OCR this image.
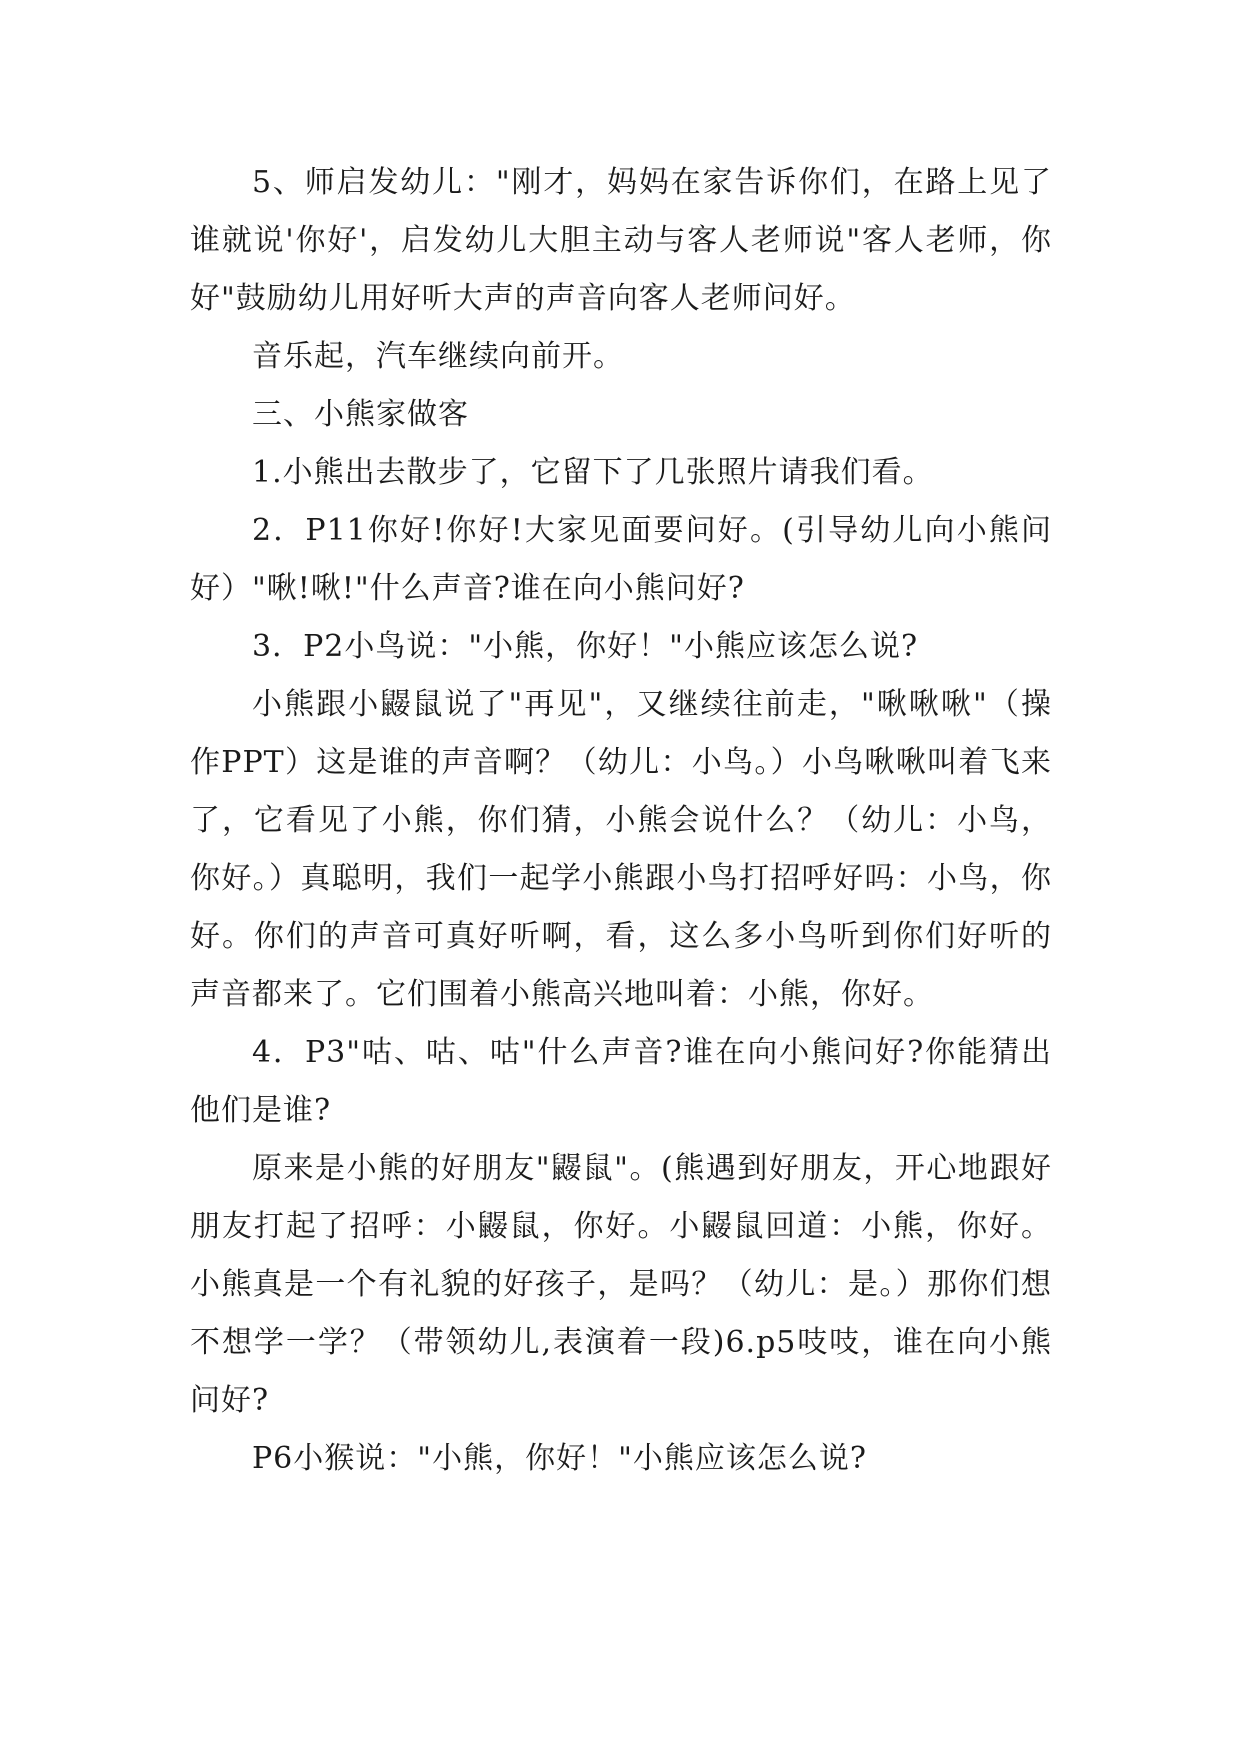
5、师启发幼儿："刚才，妈妈在家告诉你们，在路上见了谁就说'你好'，启发幼儿大胆主动与客人老师说"客人老师，你好"鼓励幼儿用好听大声的声音向客人老师问好。

音乐起，汽车继续向前开。

三、小熊家做客

1.小熊出去散步了，它留下了几张照片请我们看。

2．P11你好!你好!大家见面要问好。(引导幼儿向小熊问好）"啾!啾!"什么声音?谁在向小熊问好?

3．P2小鸟说："小熊，你好！"小熊应该怎么说?

小熊跟小鼹鼠说了"再见"，又继续往前走，"啾啾啾"（操作PPT）这是谁的声音啊？（幼儿：小鸟。）小鸟啾啾叫着飞来了，它看见了小熊，你们猜，小熊会说什么？（幼儿：小鸟，你好。）真聪明，我们一起学小熊跟小鸟打招呼好吗：小鸟，你好。你们的声音可真好听啊，看，这么多小鸟听到你们好听的声音都来了。它们围着小熊高兴地叫着：小熊，你好。

4．P3"咕、咕、咕"什么声音?谁在向小熊问好?你能猜出他们是谁?

原来是小熊的好朋友"鼹鼠"。(熊遇到好朋友，开心地跟好朋友打起了招呼：小鼹鼠，你好。小鼹鼠回道：小熊，你好。小熊真是一个有礼貌的好孩子，是吗？（幼儿：是。）那你们想不想学一学？（带领幼儿,表演着一段)6.p5吱吱，谁在向小熊问好?

P6小猴说："小熊，你好！"小熊应该怎么说?
